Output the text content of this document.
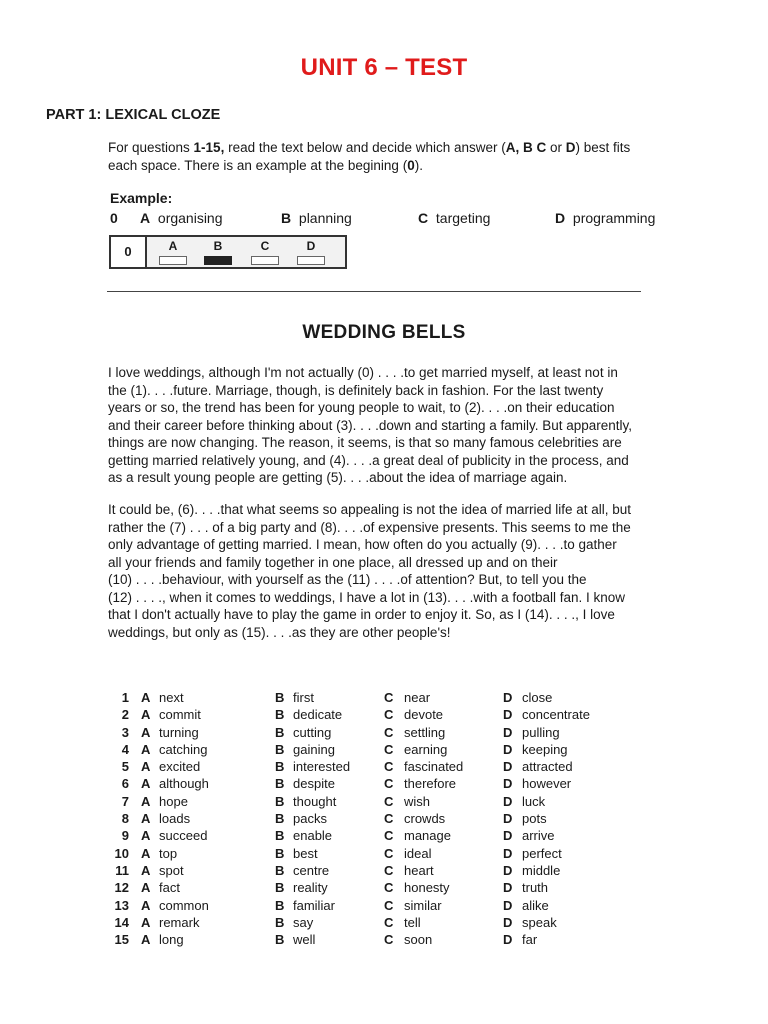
UNIT 6 – TEST
PART 1: LEXICAL CLOZE
For questions 1-15, read the text below and decide which answer (A, B C or D) best fits
each space. There is an example at the begining (0).
Example:
0 A organising	B planning	C targeting	D programming
0	A	B	C	D
WEDDING BELLS

I love weddings, although I'm not actually (0) . . . .to get married myself, at least not in
the (1). . . .future. Marriage, though, is definitely back in fashion. For the last twenty
years or so, the trend has been for young people to wait, to (2). . . .on their education
and their career before thinking about (3). . . .down and starting a family. But apparently,
things are now changing. The reason, it seems, is that so many famous celebrities are
getting married relatively young, and (4). . . .a great deal of publicity in the process, and
as a result young people are getting (5). . . .about the idea of marriage again.

It could be, (6). . . .that what seems so appealing is not the idea of married life at all, but
rather the (7) . . . of a big party and (8). . . .of expensive presents. This seems to me the
only advantage of getting married. I mean, how often do you actually (9). . . .to gather
all your friends and family together in one place, all dressed up and on their
(10) . . . .behaviour, with yourself as the (11) . . . .of attention? But, to tell you the
(12) . . . ., when it comes to weddings, I have a lot in (13). . . .with a football fan. I know
that I don't actually have to play the game in order to enjoy it. So, as I (14). . . ., I love
weddings, but only as (15). . . .as they are other people's!

1 A next	B first	C near	D close
2 A commit	B dedicate	C devote	D concentrate
3 A turning	B cutting	C settling	D pulling
4 A catching	B gaining	C earning	D keeping
5 A excited	B interested	C fascinated	D attracted
6 A although	B despite	C therefore	D however
7 A hope	B thought	C wish	D luck
8 A loads	B packs	C crowds	D pots
9 A succeed	B enable	C manage	D arrive
10 A top	B best	C ideal	D perfect
11 A spot	B centre	C heart	D middle
12 A fact	B reality	C honesty	D truth
13 A common	B familiar	C similar	D alike
14 A remark	B say	C tell	D speak
15 A long	B well	C soon	D far
